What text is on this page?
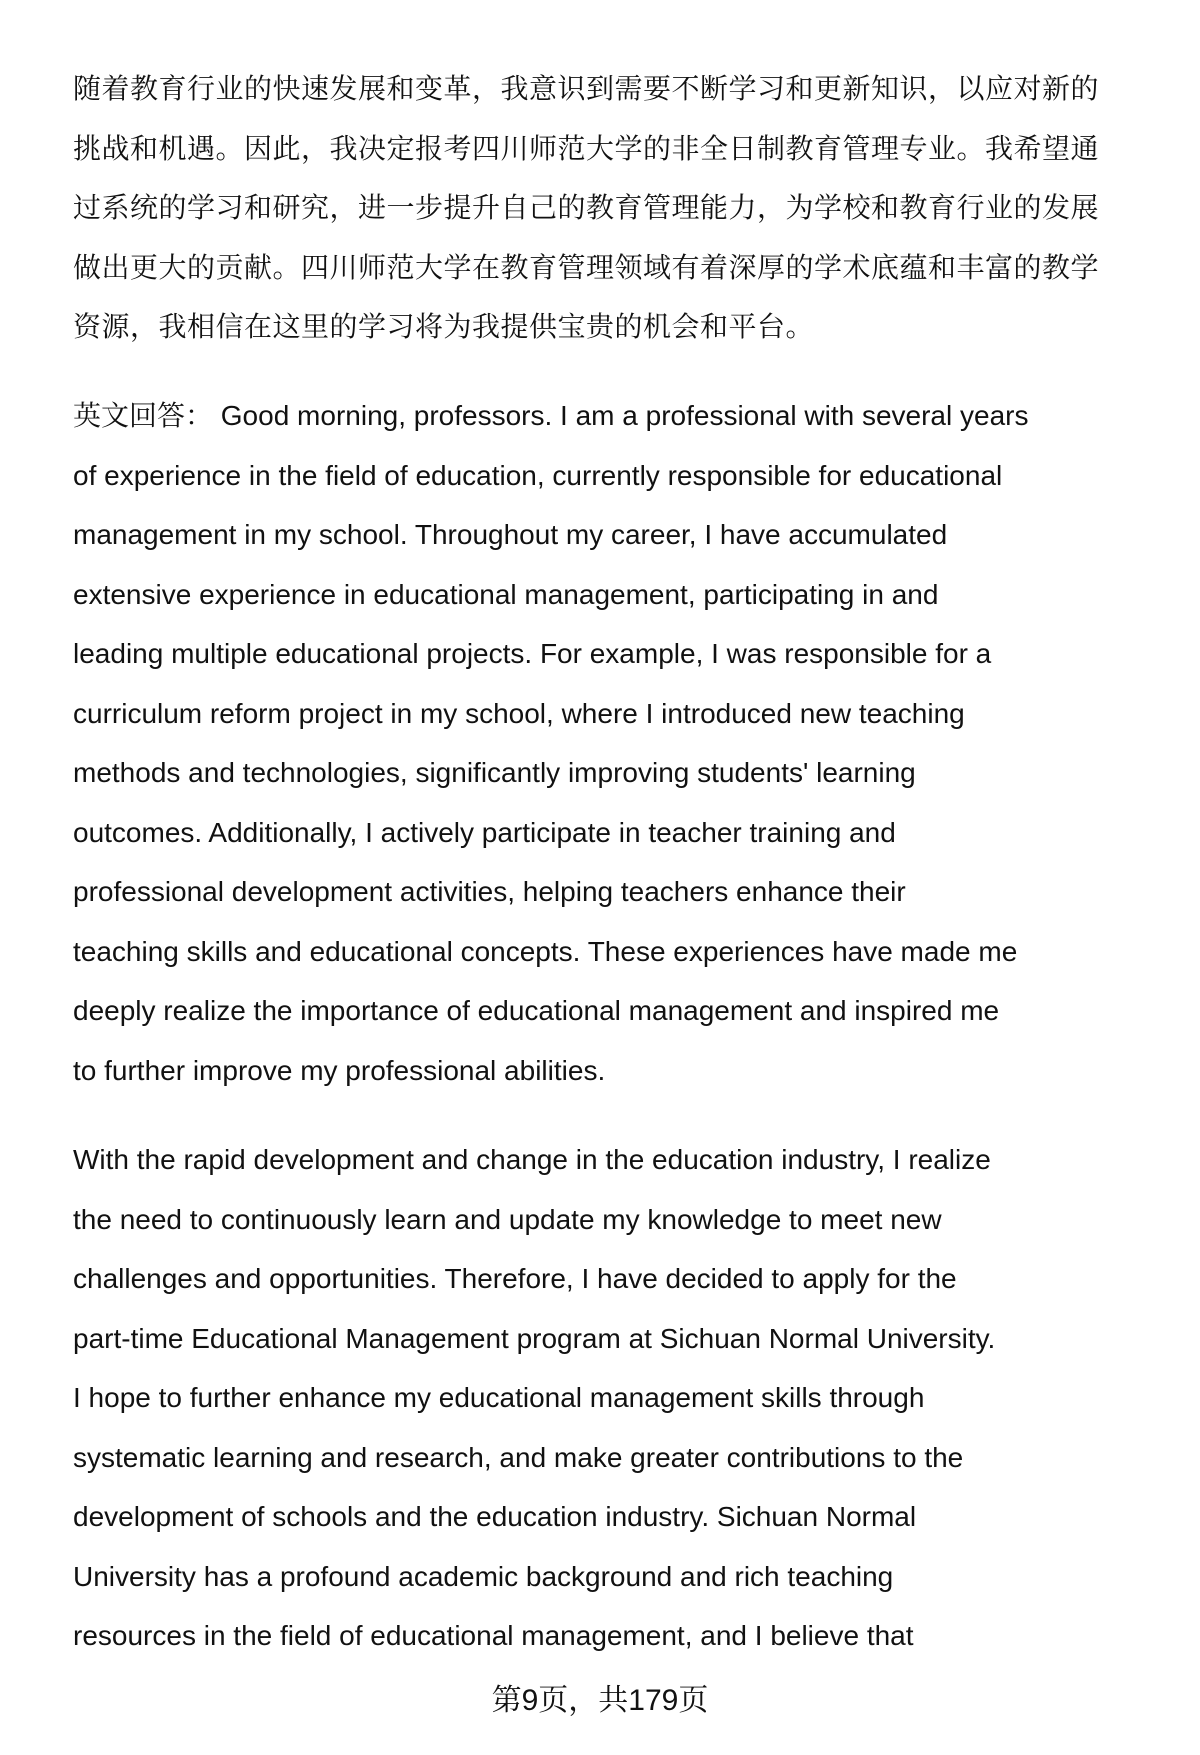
随着教育行业的快速发展和变革，我意识到需要不断学习和更新知识，以应对新的
挑战和机遇。因此，我决定报考四川师范大学的非全日制教育管理专业。我希望通
过系统的学习和研究，进一步提升自己的教育管理能力，为学校和教育行业的发展
做出更大的贡献。四川师范大学在教育管理领域有着深厚的学术底蕴和丰富的教学
资源，我相信在这里的学习将为我提供宝贵的机会和平台。
英文回答： Good morning, professors. I am a professional with several years
of experience in the field of education, currently responsible for educational
management in my school. Throughout my career, I have accumulated
extensive experience in educational management, participating in and
leading multiple educational projects. For example, I was responsible for a
curriculum reform project in my school, where I introduced new teaching
methods and technologies, significantly improving students' learning
outcomes. Additionally, I actively participate in teacher training and
professional development activities, helping teachers enhance their
teaching skills and educational concepts. These experiences have made me
deeply realize the importance of educational management and inspired me
to further improve my professional abilities.
With the rapid development and change in the education industry, I realize
the need to continuously learn and update my knowledge to meet new
challenges and opportunities. Therefore, I have decided to apply for the
part-time Educational Management program at Sichuan Normal University.
I hope to further enhance my educational management skills through
systematic learning and research, and make greater contributions to the
development of schools and the education industry. Sichuan Normal
University has a profound academic background and rich teaching
resources in the field of educational management, and I believe that
第9页，共179页
